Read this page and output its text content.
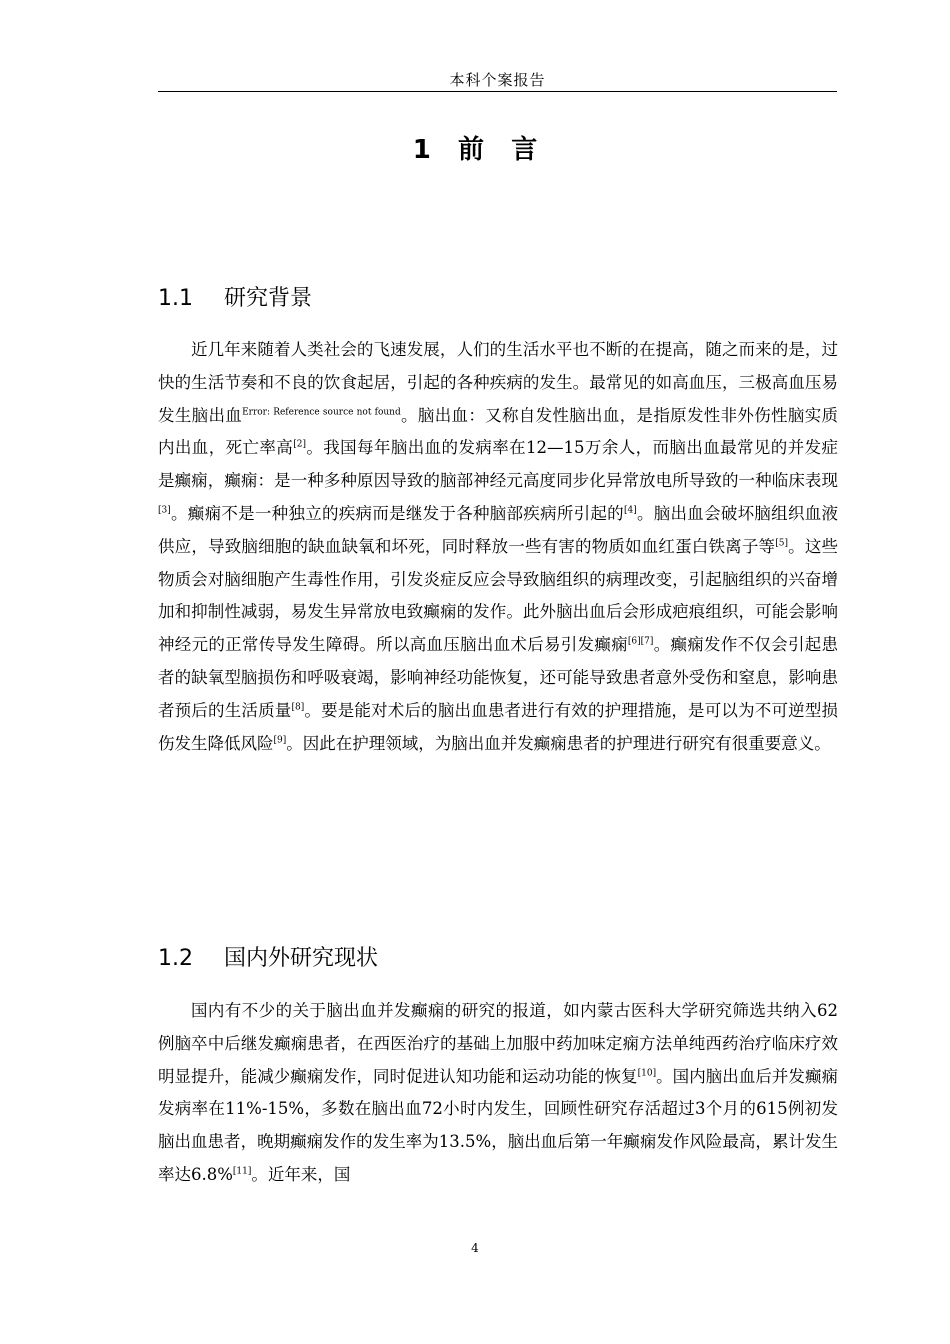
本科个案报告
1   前   言
1.1 研究背景

近几年来随着人类社会的飞速发展，人们的生活水平也不断的在提高，随之而来的是，过快的生活节奏和不良的饮食起居，引起的各种疾病的发生。最常见的如高血压，三极高血压易发生脑出血$^{Error: Reference source not found}$。脑出血：又称自发性脑出血，是指原发性非外伤性脑实质内出血，死亡率高[2]。我国每年脑出血的发病率在12—15万余人，而脑出血最常见的并发症是癫痫，癫痫：是一种多种原因导致的脑部神经元高度同步化异常放电所导致的一种临床表现[3]。癫痫不是一种独立的疾病而是继发于各种脑部疾病所引起的[4]。脑出血会破坏脑组织血液供应，导致脑细胞的缺血缺氧和坏死，同时释放一些有害的物质如血红蛋白铁离子等[5]。这些物质会对脑细胞产生毒性作用，引发炎症反应会导致脑组织的病理改变，引起脑组织的兴奋增加和抑制性减弱，易发生异常放电致癫痫的发作。此外脑出血后会形成疤痕组织，可能会影响神经元的正常传导发生障碍。所以高血压脑出血术后易引发癫痫[6][7]。癫痫发作不仅会引起患者的缺氧型脑损伤和呼吸衰竭，影响神经功能恢复，还可能导致患者意外受伤和窒息，影响患者预后的生活质量[8]。要是能对术后的脑出血患者进行有效的护理措施，是可以为不可逆型损伤发生降低风险[9]。因此在护理领域，为脑出血并发癫痫患者的护理进行研究有很重要意义。

1.2 国内外研究现状

国内有不少的关于脑出血并发癫痫的研究的报道，如内蒙古医科大学研究筛选共纳入62例脑卒中后继发癫痫患者，在西医治疗的基础上加服中药加味定痫方法单纯西药治疗临床疗效明显提升，能减少癫痫发作，同时促进认知功能和运动功能的恢复[10]。国内脑出血后并发癫痫发病率在11%-15%，多数在脑出血72小时内发生，回顾性研究存活超过3个月的615例初发脑出血患者，晚期癫痫发作的发生率为13.5%，脑出血后第一年癫痫发作风险最高，累计发生率达6.8%[11]。近年来，国

4
